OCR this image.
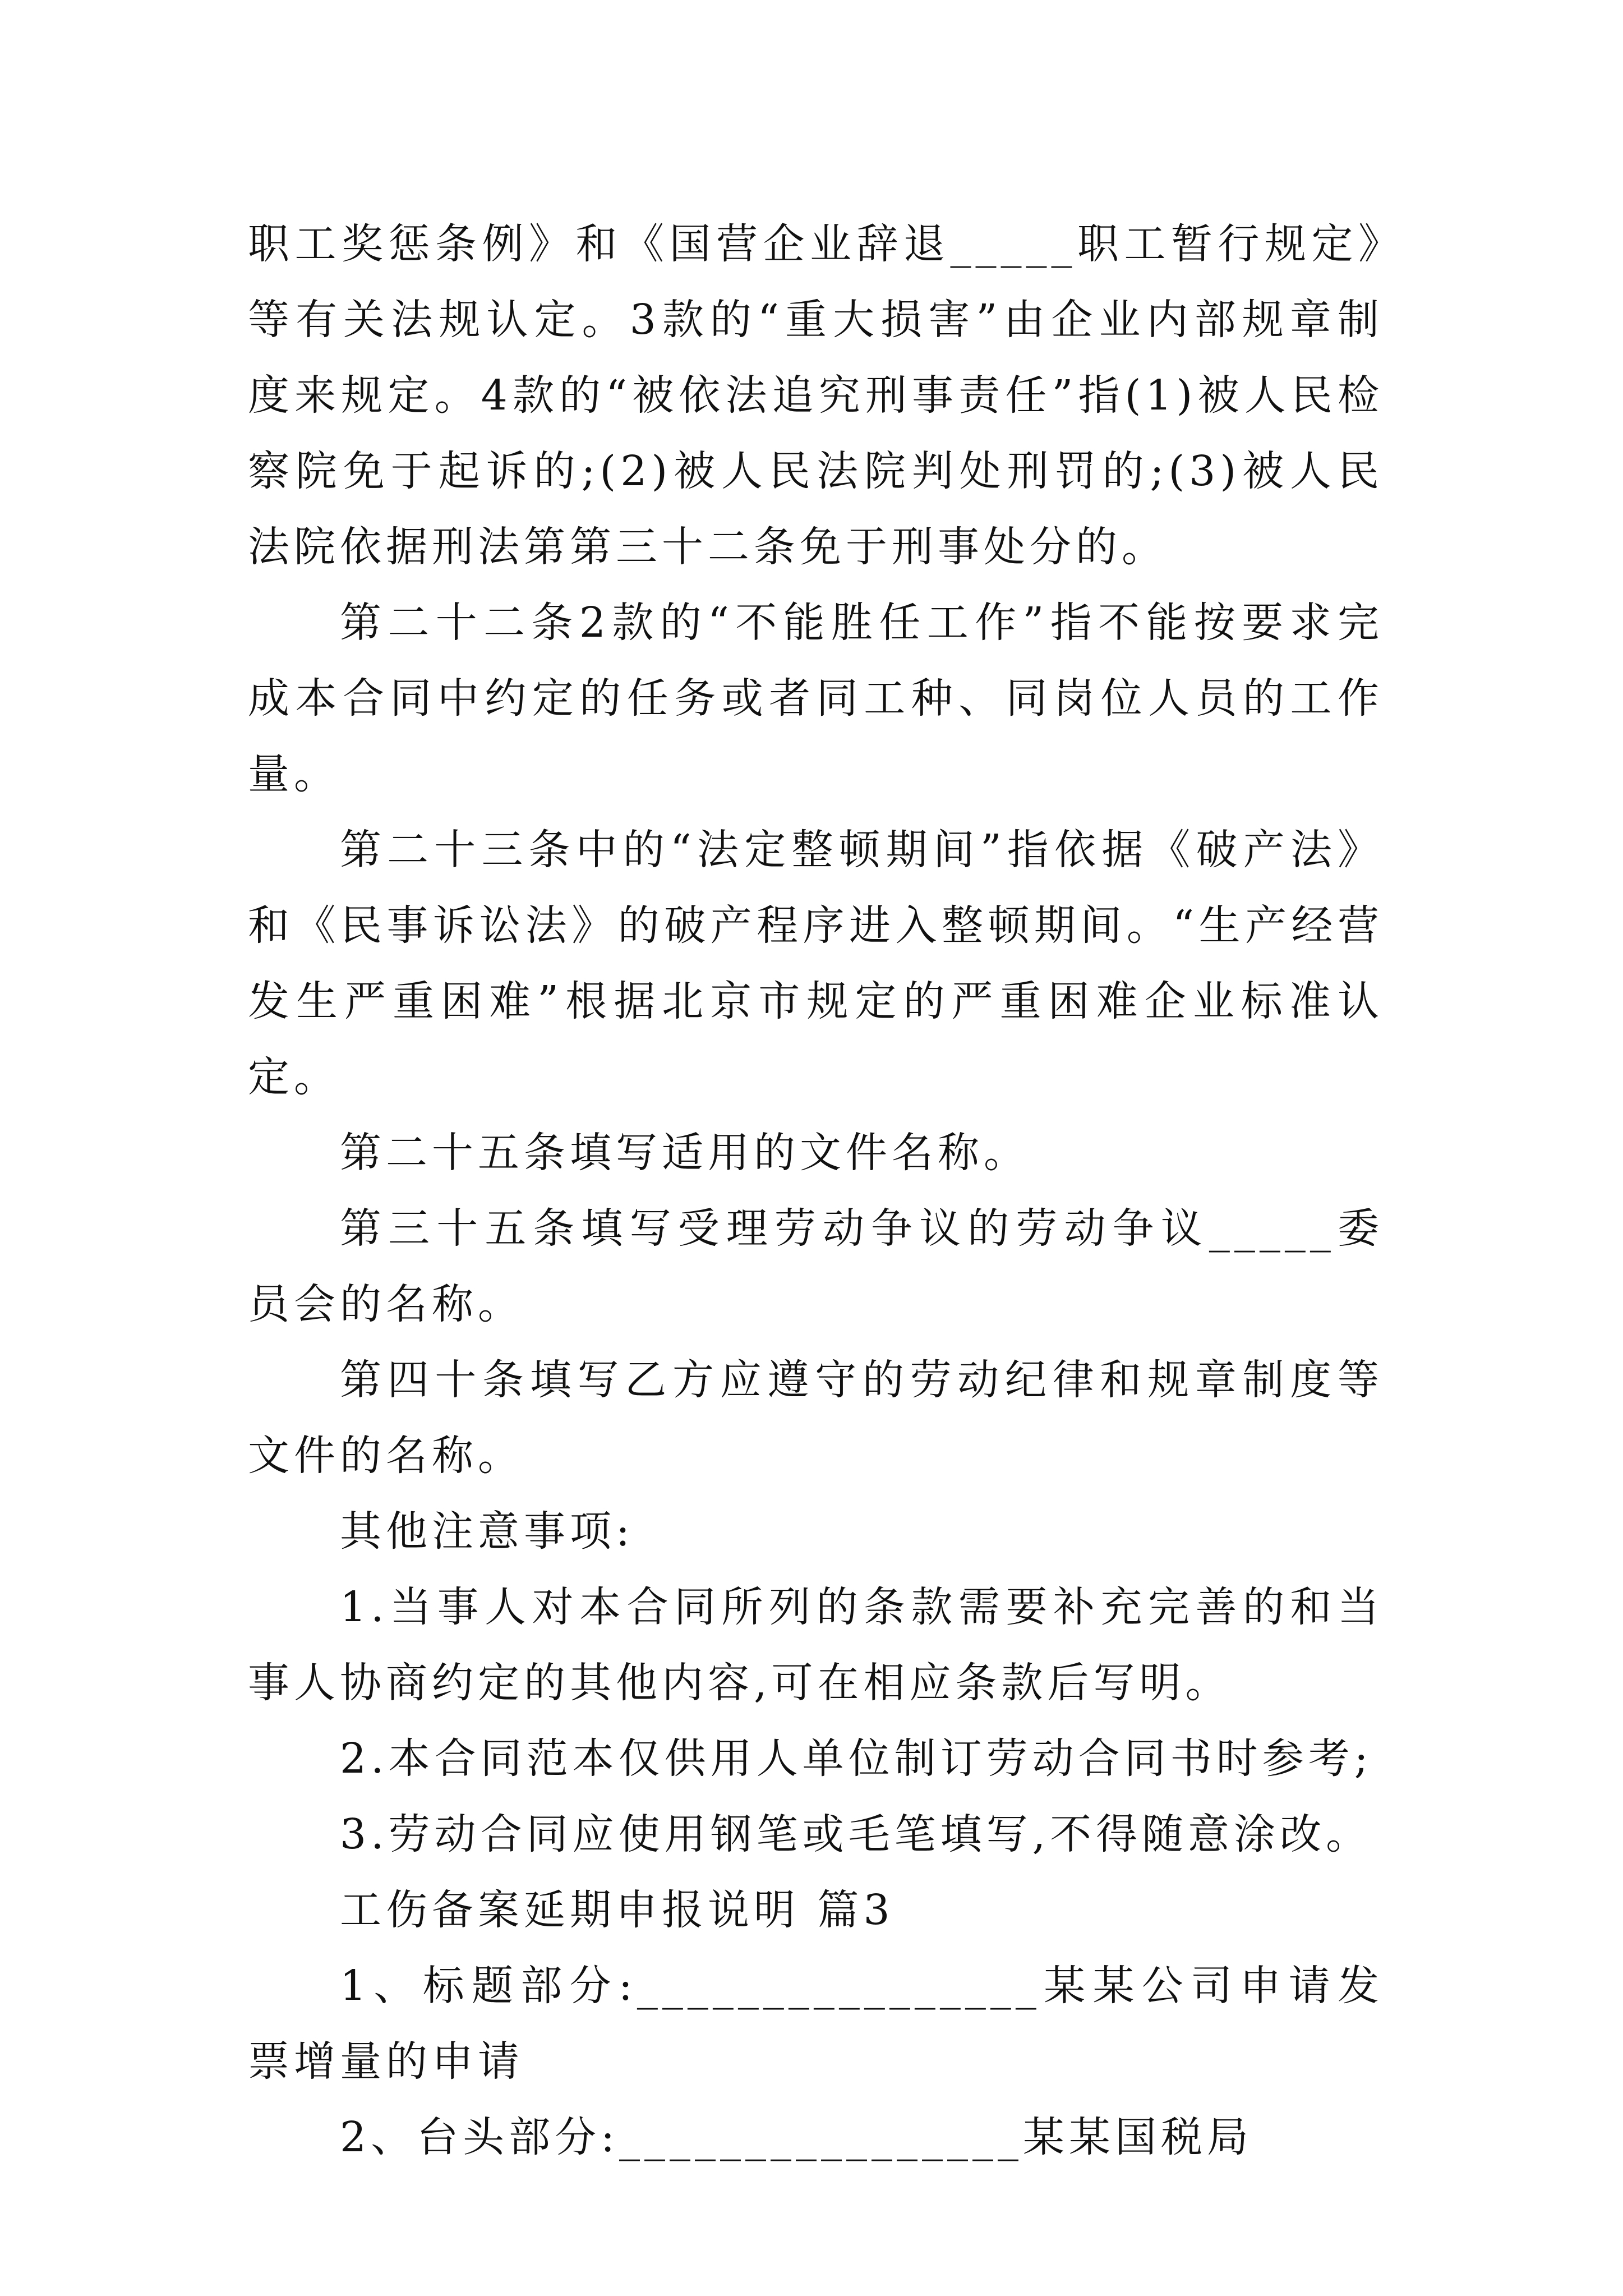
职工奖惩条例》和《国营企业辞退_____职工暂行规定》等有关法规认定。3款的“重大损害”由企业内部规章制度来规定。4款的“被依法追究刑事责任”指(1)被人民检察院免于起诉的;(2)被人民法院判处刑罚的;(3)被人民法院依据刑法第第三十二条免于刑事处分的。

第二十二条2款的“不能胜任工作”指不能按要求完成本合同中约定的任务或者同工种、同岗位人员的工作量。

第二十三条中的“法定整顿期间”指依据《破产法》和《民事诉讼法》的破产程序进入整顿期间。“生产经营发生严重困难”根据北京市规定的严重困难企业标准认定。

第二十五条填写适用的文件名称。

第三十五条填写受理劳动争议的劳动争议_____委员会的名称。

第四十条填写乙方应遵守的劳动纪律和规章制度等文件的名称。

其他注意事项:

1.当事人对本合同所列的条款需要补充完善的和当事人协商约定的其他内容,可在相应条款后写明。

2.本合同范本仅供用人单位制订劳动合同书时参考;

3.劳动合同应使用钢笔或毛笔填写,不得随意涂改。

工伤备案延期申报说明 篇3

1、标题部分:________________某某公司申请发票增量的申请

2、台头部分:________________某某国税局
